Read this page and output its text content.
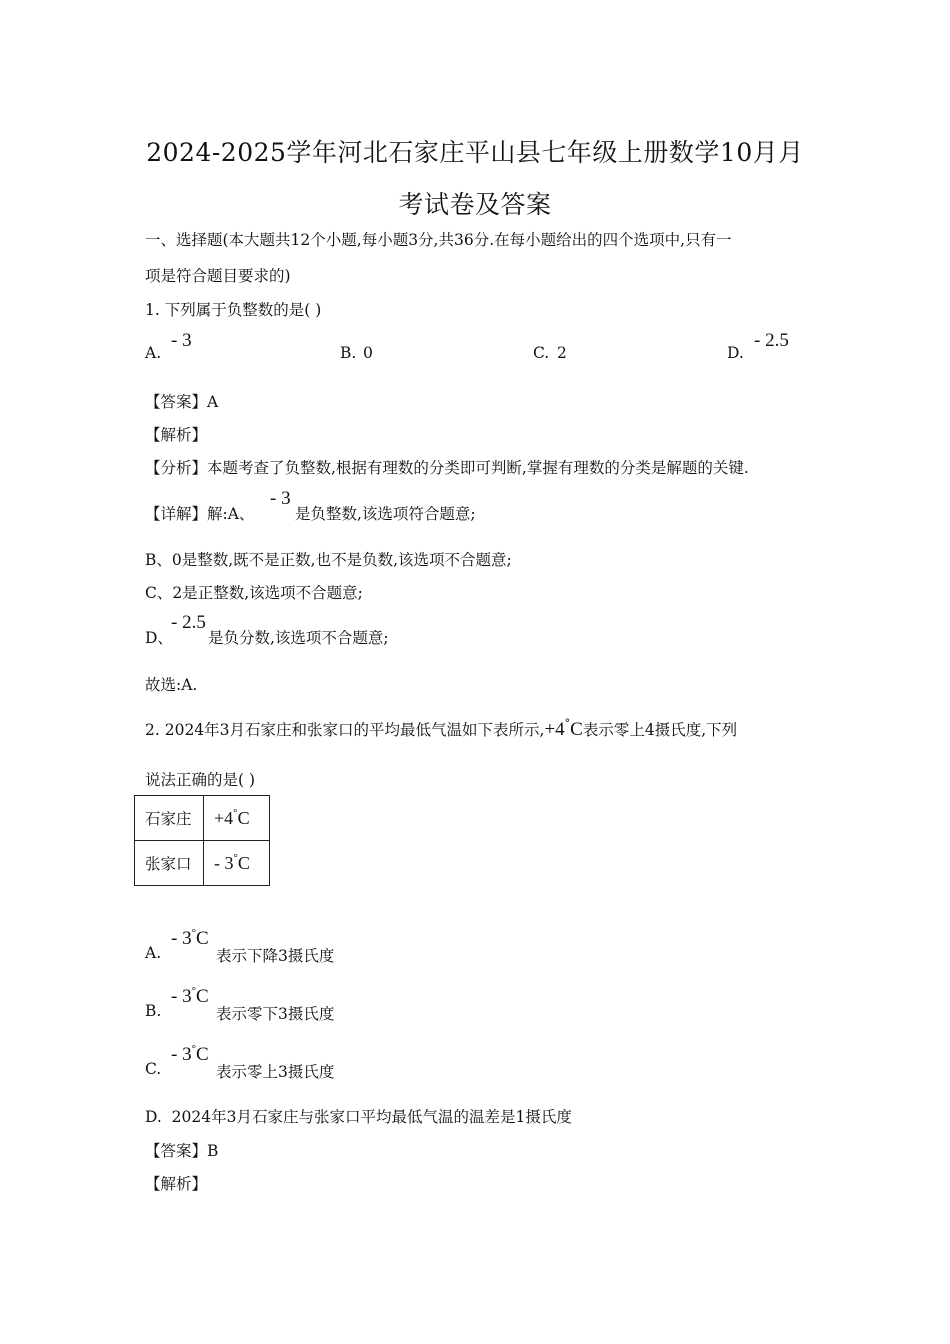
2024-2025学年河北石家庄平山县七年级上册数学10月月
考试卷及答案
一、选择题(本大题共12个小题,每小题3分,共36分.在每小题给出的四个选项中,只有一
项是符合题目要求的)
1. 下列属于负整数的是( )
A.
- 3
B. 0	C. 2	D.
- 2.5
【答案】A
【解析】
【分析】本题考查了负整数,根据有理数的分类即可判断,掌握有理数的分类是解题的关键.
【详解】解:A、
- 3
是负整数,该选项符合题意;
B、0是整数,既不是正数,也不是负数,该选项不合题意;
C、2是正整数,该选项不合题意;
D、
- 2.5
是负分数,该选项不合题意;
故选:A.
2. 2024年3月石家庄和张家口的平均最低气温如下表所示,+4°C表示零上4摄氏度,下列
说法正确的是( )
石家庄	+4°C
张家口	- 3°C
A.
- 3°C
表示下降3摄氏度
B.
- 3°C
表示零下3摄氏度
C.
- 3°C
表示零上3摄氏度
D. 2024年3月石家庄与张家口平均最低气温的温差是1摄氏度
【答案】B
【解析】
